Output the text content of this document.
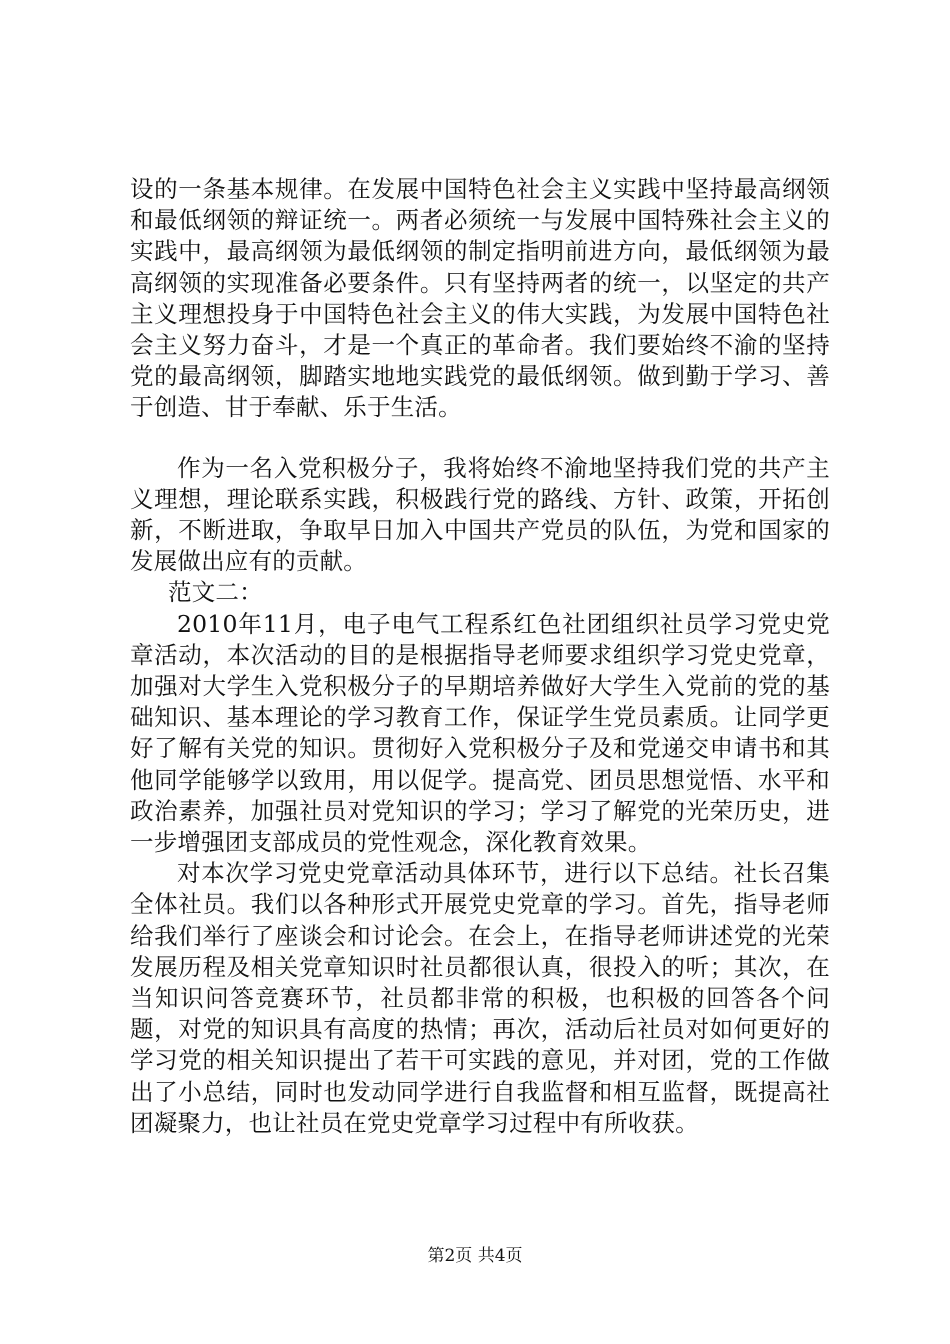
设的一条基本规律。在发展中国特色社会主义实践中坚持最高纲领和最低纲领的辩证统一。两者必须统一与发展中国特殊社会主义的实践中，最高纲领为最低纲领的制定指明前进方向，最低纲领为最高纲领的实现准备必要条件。只有坚持两者的统一，以坚定的共产主义理想投身于中国特色社会主义的伟大实践，为发展中国特色社会主义努力奋斗，才是一个真正的革命者。我们要始终不渝的坚持党的最高纲领，脚踏实地地实践党的最低纲领。做到勤于学习、善于创造、甘于奉献、乐于生活。

作为一名入党积极分子，我将始终不渝地坚持我们党的共产主义理想，理论联系实践，积极践行党的路线、方针、政策，开拓创新，不断进取，争取早日加入中国共产党员的队伍，为党和国家的发展做出应有的贡献。

范文二：

2010年11月，电子电气工程系红色社团组织社员学习党史党章活动，本次活动的目的是根据指导老师要求组织学习党史党章，加强对大学生入党积极分子的早期培养做好大学生入党前的党的基础知识、基本理论的学习教育工作，保证学生党员素质。让同学更好了解有关党的知识。贯彻好入党积极分子及和党递交申请书和其他同学能够学以致用，用以促学。提高党、团员思想觉悟、水平和政治素养，加强社员对党知识的学习；学习了解党的光荣历史，进一步增强团支部成员的党性观念，深化教育效果。

对本次学习党史党章活动具体环节，进行以下总结。社长召集全体社员。我们以各种形式开展党史党章的学习。首先，指导老师给我们举行了座谈会和讨论会。在会上，在指导老师讲述党的光荣发展历程及相关党章知识时社员都很认真，很投入的听；其次，在当知识问答竞赛环节，社员都非常的积极，也积极的回答各个问题，对党的知识具有高度的热情；再次，活动后社员对如何更好的学习党的相关知识提出了若干可实践的意见，并对团，党的工作做出了小总结，同时也发动同学进行自我监督和相互监督，既提高社团凝聚力，也让社员在党史党章学习过程中有所收获。

第2页 共4页
